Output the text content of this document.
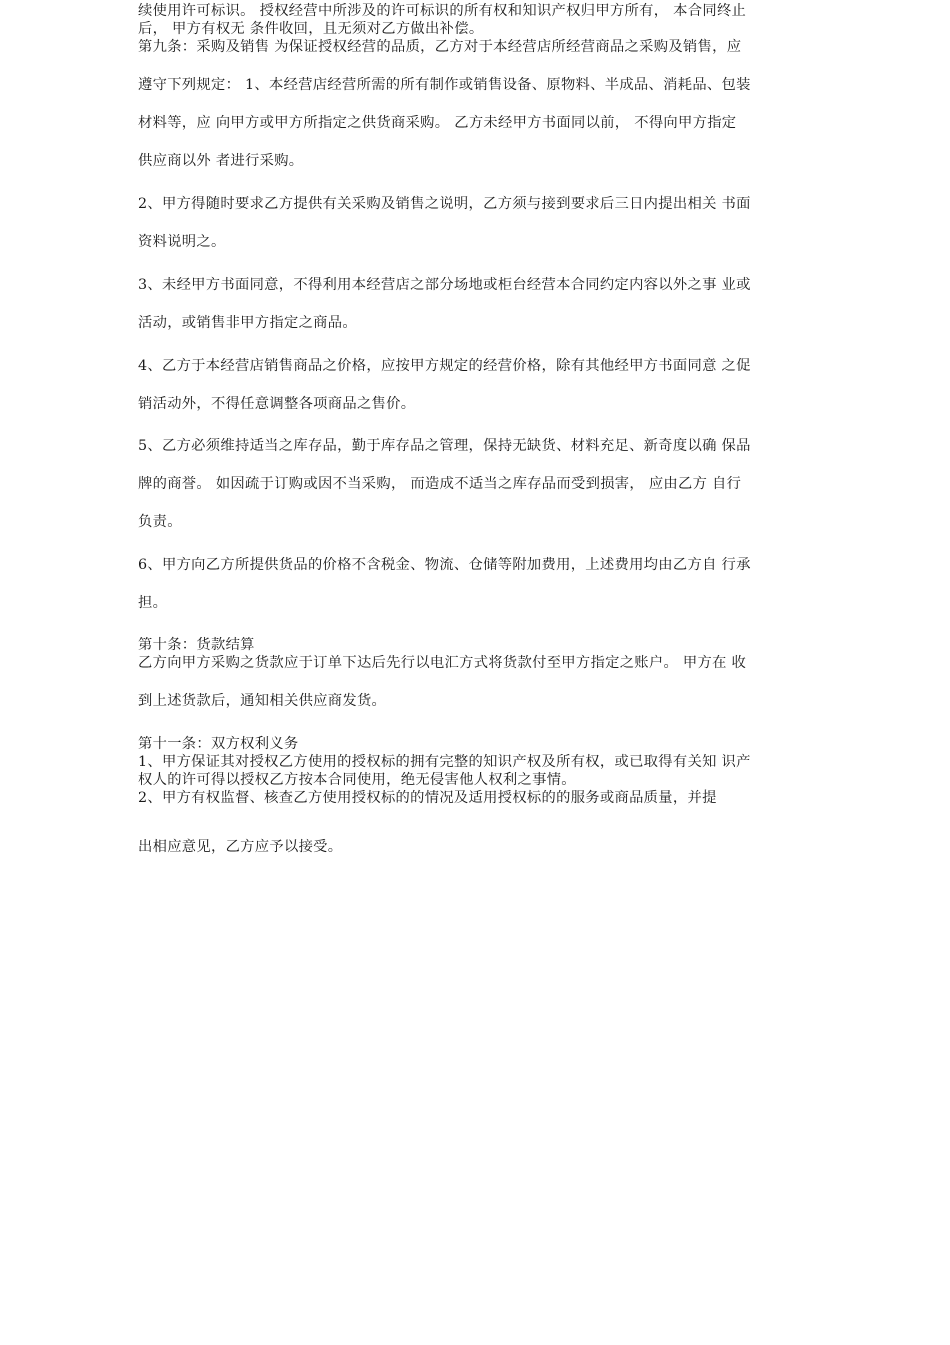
续使用许可标识。 授权经营中所涉及的许可标识的所有权和知识产权归甲方所有， 本合同终止
后， 甲方有权无 条件收回，且无须对乙方做出补偿。
第九条：采购及销售 为保证授权经营的品质，乙方对于本经营店所经营商品之采购及销售，应
遵守下列规定： 1、本经营店经营所需的所有制作或销售设备、原物料、半成品、消耗品、包装
材料等，应 向甲方或甲方所指定之供货商采购。 乙方未经甲方书面同以前， 不得向甲方指定
供应商以外 者进行采购。
2、甲方得随时要求乙方提供有关采购及销售之说明，乙方须与接到要求后三日内提出相关 书面
资料说明之。
3、未经甲方书面同意，不得利用本经营店之部分场地或柜台经营本合同约定内容以外之事 业或
活动，或销售非甲方指定之商品。
4、乙方于本经营店销售商品之价格，应按甲方规定的经营价格，除有其他经甲方书面同意 之促
销活动外，不得任意调整各项商品之售价。
5、乙方必须维持适当之库存品，勤于库存品之管理，保持无缺货、材料充足、新奇度以确 保品
牌的商誉。 如因疏于订购或因不当采购， 而造成不适当之库存品而受到损害， 应由乙方 自行
负责。
6、甲方向乙方所提供货品的价格不含税金、物流、仓储等附加费用，上述费用均由乙方自 行承
担。
第十条：货款结算
乙方向甲方采购之货款应于订单下达后先行以电汇方式将货款付至甲方指定之账户。 甲方在 收
到上述货款后，通知相关供应商发货。
第十一条：双方权利义务
1、甲方保证其对授权乙方使用的授权标的拥有完整的知识产权及所有权，或已取得有关知 识产
权人的许可得以授权乙方按本合同使用，绝无侵害他人权利之事情。
2、甲方有权监督、核查乙方使用授权标的的情况及适用授权标的的服务或商品质量，并提
出相应意见，乙方应予以接受。
